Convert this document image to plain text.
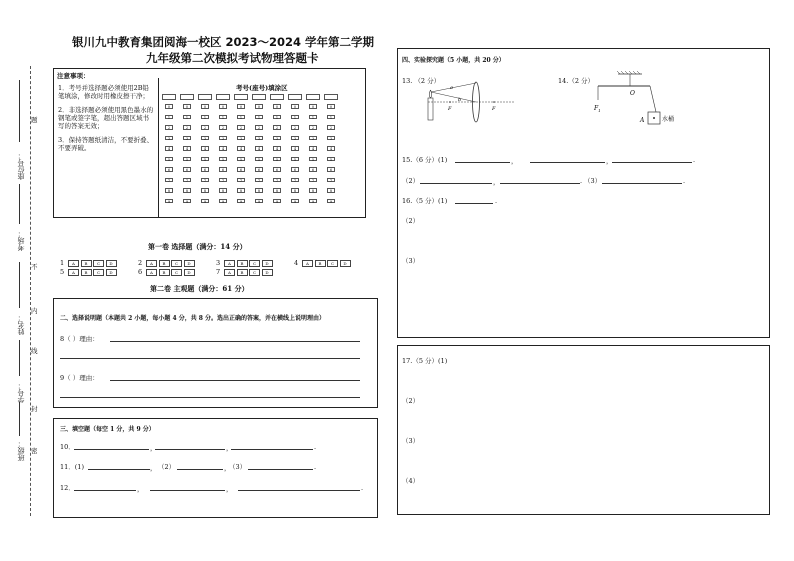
银川九中教育集团阅海一校区 2023～2024 学年第二学期
九年级第二次模拟考试物理答题卡
座位号：
考场：
姓名：
学号：
班级：
题
不
内
线
封
密
注意事项：
1．考号并选择题必须使用2B铅笔填涂，修改时用橡皮擦干净；
2．非选择题必须使用黑色墨水的钢笔或签字笔，超出答题区域书写的答案无效；
3．保持答题纸清洁，不要折叠、不要弄破。
考号(座号)填涂区
0
1
2
3
4
5
6
7
8
9
0
1
2
3
4
5
6
7
8
9
0
1
2
3
4
5
6
7
8
9
0
1
2
3
4
5
6
7
8
9
0
1
2
3
4
5
6
7
8
9
0
1
2
3
4
5
6
7
8
9
0
1
2
3
4
5
6
7
8
9
0
1
2
3
4
5
6
7
8
9
0
1
2
3
4
5
6
7
8
9
0
1
2
3
4
5
6
7
8
9
第一卷 选择题（满分：14 分）
1 A B C D	2 A B C D	3 A B C D	4 A B C D
5 A B C D	6 A B C D	7 A B C D
第二卷 主观题（满分：61 分）
二、选择说明题（本题共 2 小题，每小题 4 分，共 8 分。选出正确的答案，并在横线上说明理由）
8（ ）理由：
9（ ）理由：
三、填空题（每空 1 分，共 9 分）
10．	，	，	.
11．(1)	， （2）	，
（3）	.
12．	，	，	.
四、实验探究题（5 小题，共 20 分）
13. （2 分）	14.（2 分）
a
b
F	F
O
A
$F_1$
水桶
15.（6 分）(1)	，	，	.
（2）	，	. （3）	.
16.（5 分）(1)	.
（2）
（3）
17.（5 分）(1)
（2）
（3）
（4）
